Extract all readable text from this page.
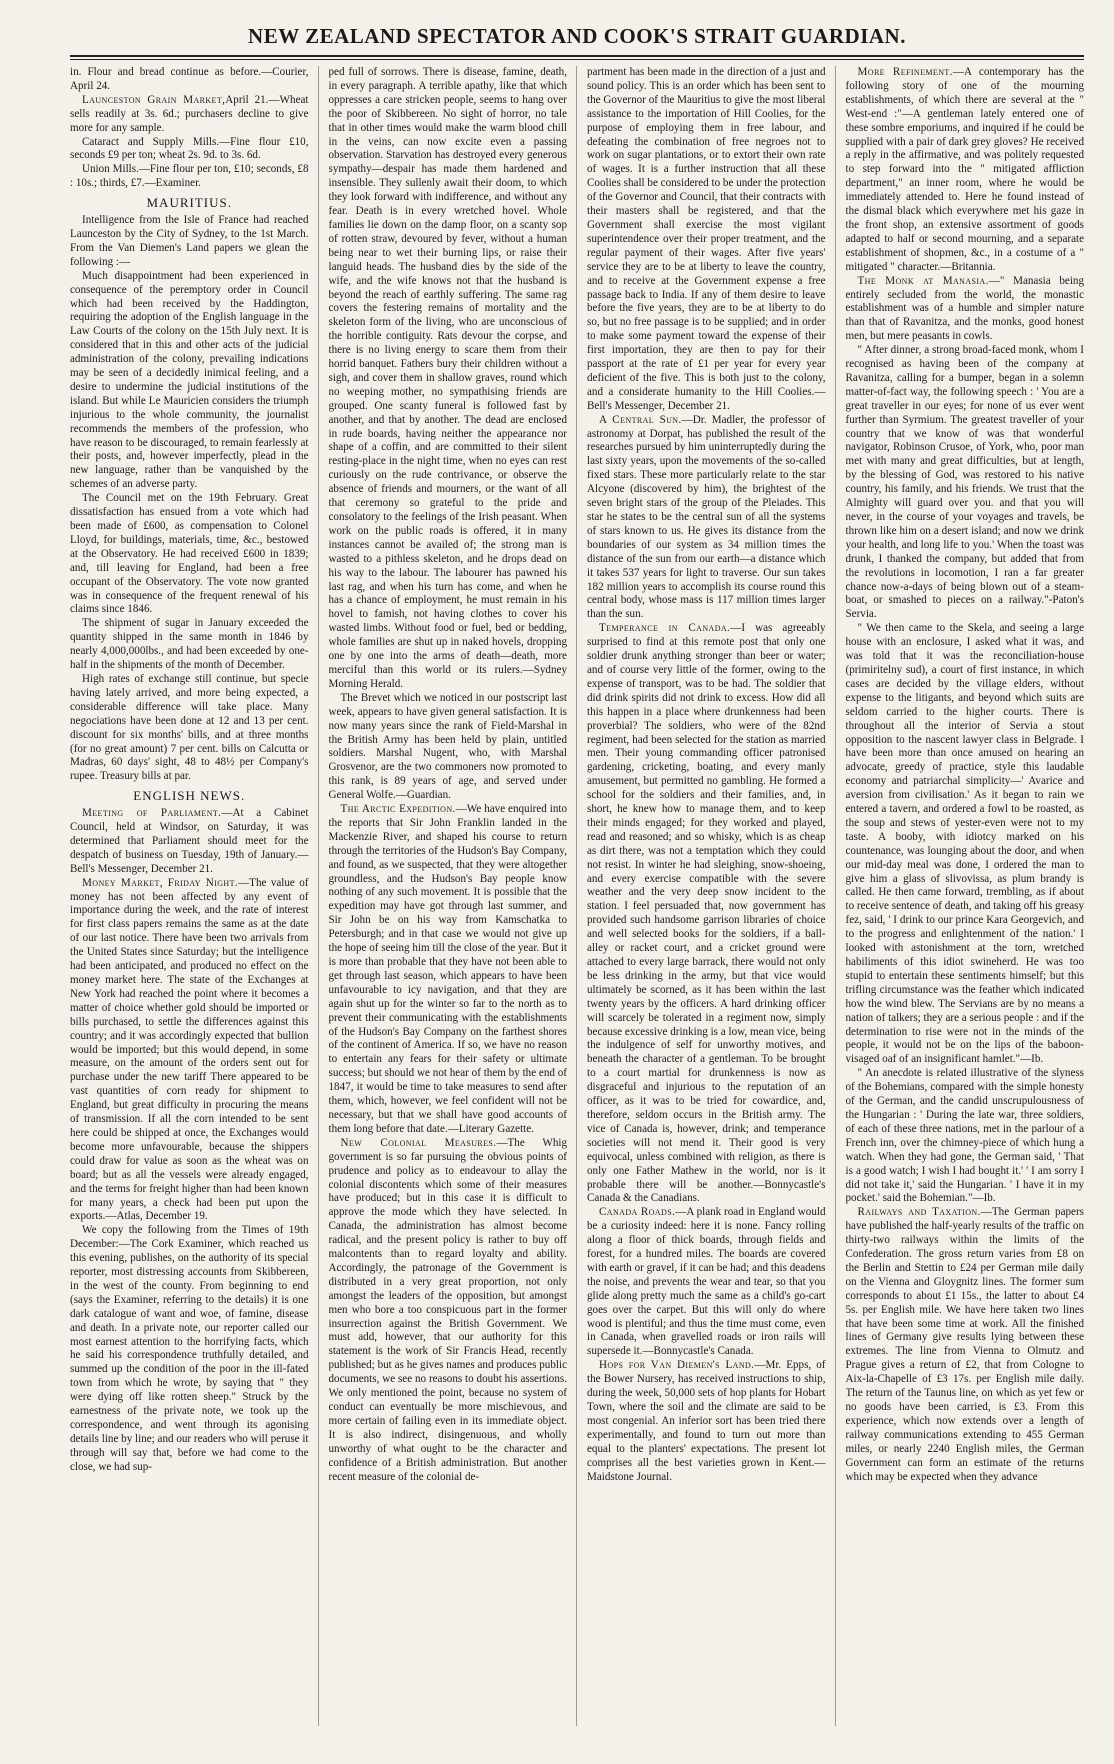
NEW ZEALAND SPECTATOR AND COOK'S STRAIT GUARDIAN.

in. Flour and bread continue as before.—Courier, April 24.

Launceston Grain Market,April 21.—Wheat sells readily at 3s. 6d.; purchasers decline to give more for any sample.

Cataract and Supply Mills.—Fine flour £10, seconds £9 per ton; wheat 2s. 9d. to 3s. 6d.

Union Mills.—Fine flour per ton, £10; seconds, £8 : 10s.; thirds, £7.—Examiner.

MAURITIUS.

Intelligence from the Isle of France had reached Launceston by the City of Sydney, to the 1st March. From the Van Diemen's Land papers we glean the following :—

Much disappointment had been experienced in consequence of the peremptory order in Council which had been received by the Haddington, requiring the adoption of the English language in the Law Courts of the colony on the 15th July next. It is considered that in this and other acts of the judicial administration of the colony, prevailing indications may be seen of a decidedly inimical feeling, and a desire to undermine the judicial institutions of the island. But while Le Mauricien considers the triumph injurious to the whole community, the journalist recommends the members of the profession, who have reason to be discouraged, to remain fearlessly at their posts, and, however imperfectly, plead in the new language, rather than be vanquished by the schemes of an adverse party.

The Council met on the 19th February. Great dissatisfaction has ensued from a vote which had been made of £600, as compensation to Colonel Lloyd, for buildings, materials, time, &c., bestowed at the Observatory. He had received £600 in 1839; and, till leaving for England, had been a free occupant of the Observatory. The vote now granted was in consequence of the frequent renewal of his claims since 1846.

The shipment of sugar in January exceeded the quantity shipped in the same month in 1846 by nearly 4,000,000lbs., and had been exceeded by one-half in the shipments of the month of December.

High rates of exchange still continue, but specie having lately arrived, and more being expected, a considerable difference will take place. Many negociations have been done at 12 and 13 per cent. discount for six months' bills, and at three months (for no great amount) 7 per cent. bills on Calcutta or Madras, 60 days' sight, 48 to 48½ per Company's rupee. Treasury bills at par.

ENGLISH NEWS.

Meeting of Parliament.—At a Cabinet Council, held at Windsor, on Saturday, it was determined that Parliament should meet for the despatch of business on Tuesday, 19th of January.—Bell's Messenger, December 21.

Money Market, Friday Night.—The value of money has not been affected by any event of importance during the week, and the rate of interest for first class papers remains the same as at the date of our last notice. There have been two arrivals from the United States since Saturday; but the intelligence had been anticipated, and produced no effect on the money market here. The state of the Exchanges at New York had reached the point where it becomes a matter of choice whether gold should be imported or bills purchased, to settle the differences against this country; and it was accordingly expected that bullion would be imported; but this would depend, in some measure, on the amount of the orders sent out for purchase under the new tariff There appeared to be vast quantities of corn ready for shipment to England, but great difficulty in procuring the means of transmission. If all the corn intended to be sent here could be shipped at once, the Exchanges would become more unfavourable, because the shippers could draw for value as soon as the wheat was on board; but as all the vessels were already engaged, and the terms for freight higher than had been known for many years, a check had been put upon the exports.—Atlas, December 19.

We copy the following from the Times of 19th December:—The Cork Examiner, which reached us this evening, publishes, on the authority of its special reporter, most distressing accounts from Skibbereen, in the west of the county. From beginning to end (says the Examiner, referring to the details) it is one dark catalogue of want and woe, of famine, disease and death. In a private note, our reporter called our most earnest attention to the horrifying facts, which he said his correspondence truthfully detailed, and summed up the condition of the poor in the ill-fated town from which he wrote, by saying that " they were dying off like rotten sheep." Struck by the earnestness of the private note, we took up the correspondence, and went through its agonising details line by line; and our readers who will peruse it through will say that, before we had come to the close, we had sup-

ped full of sorrows. There is disease, famine, death, in every paragraph. A terrible apathy, like that which oppresses a care stricken people, seems to hang over the poor of Skibbereen. No sight of horror, no tale that in other times would make the warm blood chill in the veins, can now excite even a passing observation. Starvation has destroyed every generous sympathy—despair has made them hardened and insensible. They sullenly await their doom, to which they look forward with indifference, and without any fear. Death is in every wretched hovel. Whole families lie down on the damp floor, on a scanty sop of rotten straw, devoured by fever, without a human being near to wet their burning lips, or raise their languid heads. The husband dies by the side of the wife, and the wife knows not that the husband is beyond the reach of earthly suffering. The same rag covers the festering remains of mortality and the skeleton form of the living, who are unconscious of the horrible contiguity. Rats devour the corpse, and there is no living energy to scare them from their horrid banquet. Fathers bury their children without a sigh, and cover them in shallow graves, round which no weeping mother, no sympathising friends are grouped. One scanty funeral is followed fast by another, and that by another. The dead are enclosed in rude boards, having neither the appearance nor shape of a coffin, and are committed to their silent resting-place in the night time, when no eyes can rest curiously on the rude contrivance, or observe the absence of friends and mourners, or the want of all that ceremony so grateful to the pride and consolatory to the feelings of the Irish peasant. When work on the public roads is offered, it in many instances cannot be availed of; the strong man is wasted to a pithless skeleton, and he drops dead on his way to the labour. The labourer has pawned his last rag, and when his turn has come, and when he has a chance of employment, he must remain in his hovel to famish, not having clothes to cover his wasted limbs. Without food or fuel, bed or bedding, whole families are shut up in naked hovels, dropping one by one into the arms of death—death, more merciful than this world or its rulers.—Sydney Morning Herald.

The Brevet which we noticed in our postscript last week, appears to have given general satisfaction. It is now many years since the rank of Field-Marshal in the British Army has been held by plain, untitled soldiers. Marshal Nugent, who, with Marshal Grosvenor, are the two commoners now promoted to this rank, is 89 years of age, and served under General Wolfe.—Guardian.

The Arctic Expedition.—We have enquired into the reports that Sir John Franklin landed in the Mackenzie River, and shaped his course to return through the territories of the Hudson's Bay Company, and found, as we suspected, that they were altogether groundless, and the Hudson's Bay people know nothing of any such movement. It is possible that the expedition may have got through last summer, and Sir John be on his way from Kamschatka to Petersburgh; and in that case we would not give up the hope of seeing him till the close of the year. But it is more than probable that they have not been able to get through last season, which appears to have been unfavourable to icy navigation, and that they are again shut up for the winter so far to the north as to prevent their communicating with the establishments of the Hudson's Bay Company on the farthest shores of the continent of America. If so, we have no reason to entertain any fears for their safety or ultimate success; but should we not hear of them by the end of 1847, it would be time to take measures to send after them, which, however, we feel confident will not be necessary, but that we shall have good accounts of them long before that date.—Literary Gazette.

New Colonial Measures.—The Whig government is so far pursuing the obvious points of prudence and policy as to endeavour to allay the colonial discontents which some of their measures have produced; but in this case it is difficult to approve the mode which they have selected. In Canada, the administration has almost become radical, and the present policy is rather to buy off malcontents than to regard loyalty and ability. Accordingly, the patronage of the Government is distributed in a very great proportion, not only amongst the leaders of the opposition, but amongst men who bore a too conspicuous part in the former insurrection against the British Government. We must add, however, that our authority for this statement is the work of Sir Francis Head, recently published; but as he gives names and produces public documents, we see no reasons to doubt his assertions. We only mentioned the point, because no system of conduct can eventually be more mischievous, and more certain of failing even in its immediate object. It is also indirect, disingenuous, and wholly unworthy of what ought to be the character and confidence of a British administration. But another recent measure of the colonial de-

partment has been made in the direction of a just and sound policy. This is an order which has been sent to the Governor of the Mauritius to give the most liberal assistance to the importation of Hill Coolies, for the purpose of employing them in free labour, and defeating the combination of free negroes not to work on sugar plantations, or to extort their own rate of wages. It is a further instruction that all these Coolies shall be considered to be under the protection of the Governor and Council, that their contracts with their masters shall be registered, and that the Government shall exercise the most vigilant superintendence over their proper treatment, and the regular payment of their wages. After five years' service they are to be at liberty to leave the country, and to receive at the Government expense a free passage back to India. If any of them desire to leave before the five years, they are to be at liberty to do so, but no free passage is to be supplied; and in order to make some payment toward the expense of their first importation, they are then to pay for their passport at the rate of £1 per year for every year deficient of the five. This is both just to the colony, and a considerate humanity to the Hill Coolies.—Bell's Messenger, December 21.

A Central Sun.—Dr. Madler, the professor of astronomy at Dorpat, has published the result of the researches pursued by him uninterruptedly during the last sixty years, upon the movements of the so-called fixed stars. These more particularly relate to the star Alcyone (discovered by him), the brightest of the seven bright stars of the group of the Pleiades. This star he states to be the central sun of all the systems of stars known to us. He gives its distance from the boundaries of our system as 34 million times the distance of the sun from our earth—a distance which it takes 537 years for light to traverse. Our sun takes 182 million years to accomplish its course round this central body, whose mass is 117 million times larger than the sun.

Temperance in Canada.—I was agreeably surprised to find at this remote post that only one soldier drunk anything stronger than beer or water; and of course very little of the former, owing to the expense of transport, was to be had. The soldier that did drink spirits did not drink to excess. How did all this happen in a place where drunkenness had been proverbial? The soldiers, who were of the 82nd regiment, had been selected for the station as married men. Their young commanding officer patronised gardening, cricketing, boating, and every manly amusement, but permitted no gambling. He formed a school for the soldiers and their families, and, in short, he knew how to manage them, and to keep their minds engaged; for they worked and played, read and reasoned; and so whisky, which is as cheap as dirt there, was not a temptation which they could not resist. In winter he had sleighing, snow-shoeing, and every exercise compatible with the severe weather and the very deep snow incident to the station. I feel persuaded that, now government has provided such handsome garrison libraries of choice and well selected books for the soldiers, if a ball-alley or racket court, and a cricket ground were attached to every large barrack, there would not only be less drinking in the army, but that vice would ultimately be scorned, as it has been within the last twenty years by the officers. A hard drinking officer will scarcely be tolerated in a regiment now, simply because excessive drinking is a low, mean vice, being the indulgence of self for unworthy motives, and beneath the character of a gentleman. To be brought to a court martial for drunkenness is now as disgraceful and injurious to the reputation of an officer, as it was to be tried for cowardice, and, therefore, seldom occurs in the British army. The vice of Canada is, however, drink; and temperance societies will not mend it. Their good is very equivocal, unless combined with religion, as there is only one Father Mathew in the world, nor is it probable there will be another.—Bonnycastle's Canada & the Canadians.

Canada Roads.—A plank road in England would be a curiosity indeed: here it is none. Fancy rolling along a floor of thick boards, through fields and forest, for a hundred miles. The boards are covered with earth or gravel, if it can be had; and this deadens the noise, and prevents the wear and tear, so that you glide along pretty much the same as a child's go-cart goes over the carpet. But this will only do where wood is plentiful; and thus the time must come, even in Canada, when gravelled roads or iron rails will supersede it.—Bonnycastle's Canada.

Hops for Van Diemen's Land.—Mr. Epps, of the Bower Nursery, has received instructions to ship, during the week, 50,000 sets of hop plants for Hobart Town, where the soil and the climate are said to be most congenial. An inferior sort has been tried there experimentally, and found to turn out more than equal to the planters' expectations. The present lot comprises all the best varieties grown in Kent.—Maidstone Journal.

More Refinement.—A contemporary has the following story of one of the mourning establishments, of which there are several at the " West-end :"—A gentleman lately entered one of these sombre emporiums, and inquired if he could be supplied with a pair of dark grey gloves? He received a reply in the affirmative, and was politely requested to step forward into the " mitigated affliction department," an inner room, where he would be immediately attended to. Here he found instead of the dismal black which everywhere met his gaze in the front shop, an extensive assortment of goods adapted to half or second mourning, and a separate establishment of shopmen, &c., in a costume of a " mitigated " character.—Britannia.

The Monk at Manasia.—" Manasia being entirely secluded from the world, the monastic establishment was of a humble and simpler nature than that of Ravanitza, and the monks, good honest men, but mere peasants in cowls.

" After dinner, a strong broad-faced monk, whom I recognised as having been of the company at Ravanitza, calling for a bumper, began in a solemn matter-of-fact way, the following speech : ' You are a great traveller in our eyes; for none of us ever went further than Syrmium. The greatest traveller of your country that we know of was that wonderful navigator, Robinson Crusoe, of York, who, poor man met with many and great difficulties, but at length, by the blessing of God, was restored to his native country, his family, and his friends. We trust that the Almighty will guard over you. and that you will never, in the course of your voyages and travels, be thrown like him on a desert island; and now we drink your health, and long life to you.' When the toast was drunk, I thanked the company, but added that from the revolutions in locomotion, I ran a far greater chance now-a-days of being blown out of a steam-boat, or smashed to pieces on a railway."-Paton's Servia.

" We then came to the Skela, and seeing a large house with an enclosure, I asked what it was, and was told that it was the reconciliation-house (primiritelny sud), a court of first instance, in which cases are decided by the village elders, without expense to the litigants, and beyond which suits are seldom carried to the higher courts. There is throughout all the interior of Servia a stout opposition to the nascent lawyer class in Belgrade. I have been more than once amused on hearing an advocate, greedy of practice, style this laudable economy and patriarchal simplicity—' Avarice and aversion from civilisation.' As it began to rain we entered a tavern, and ordered a fowl to be roasted, as the soup and stews of yester-even were not to my taste. A booby, with idiotcy marked on his countenance, was lounging about the door, and when our mid-day meal was done, I ordered the man to give him a glass of slivovissa, as plum brandy is called. He then came forward, trembling, as if about to receive sentence of death, and taking off his greasy fez, said, ' I drink to our prince Kara Georgevich, and to the progress and enlightenment of the nation.' I looked with astonishment at the torn, wretched habiliments of this idiot swineherd. He was too stupid to entertain these sentiments himself; but this trifling circumstance was the feather which indicated how the wind blew. The Servians are by no means a nation of talkers; they are a serious people : and if the determination to rise were not in the minds of the people, it would not be on the lips of the baboon-visaged oaf of an insignificant hamlet."—Ib.

" An anecdote is related illustrative of the slyness of the Bohemians, compared with the simple honesty of the German, and the candid unscrupulousness of the Hungarian : ' During the late war, three soldiers, of each of these three nations, met in the parlour of a French inn, over the chimney-piece of which hung a watch. When they had gone, the German said, ' That is a good watch; I wish I had bought it.' ' I am sorry I did not take it,' said the Hungarian. ' I have it in my pocket.' said the Bohemian."—Ib.

Railways and Taxation.—The German papers have published the half-yearly results of the traffic on thirty-two railways within the limits of the Confederation. The gross return varies from £8 on the Berlin and Stettin to £24 per German mile daily on the Vienna and Gloygnitz lines. The former sum corresponds to about £1 15s., the latter to about £4 5s. per English mile. We have here taken two lines that have been some time at work. All the finished lines of Germany give results lying between these extremes. The line from Vienna to Olmutz and Prague gives a return of £2, that from Cologne to Aix-la-Chapelle of £3 17s. per English mile daily. The return of the Taunus line, on which as yet few or no goods have been carried, is £3. From this experience, which now extends over a length of railway communications extending to 455 German miles, or nearly 2240 English miles, the German Government can form an estimate of the returns which may be expected when they advance
